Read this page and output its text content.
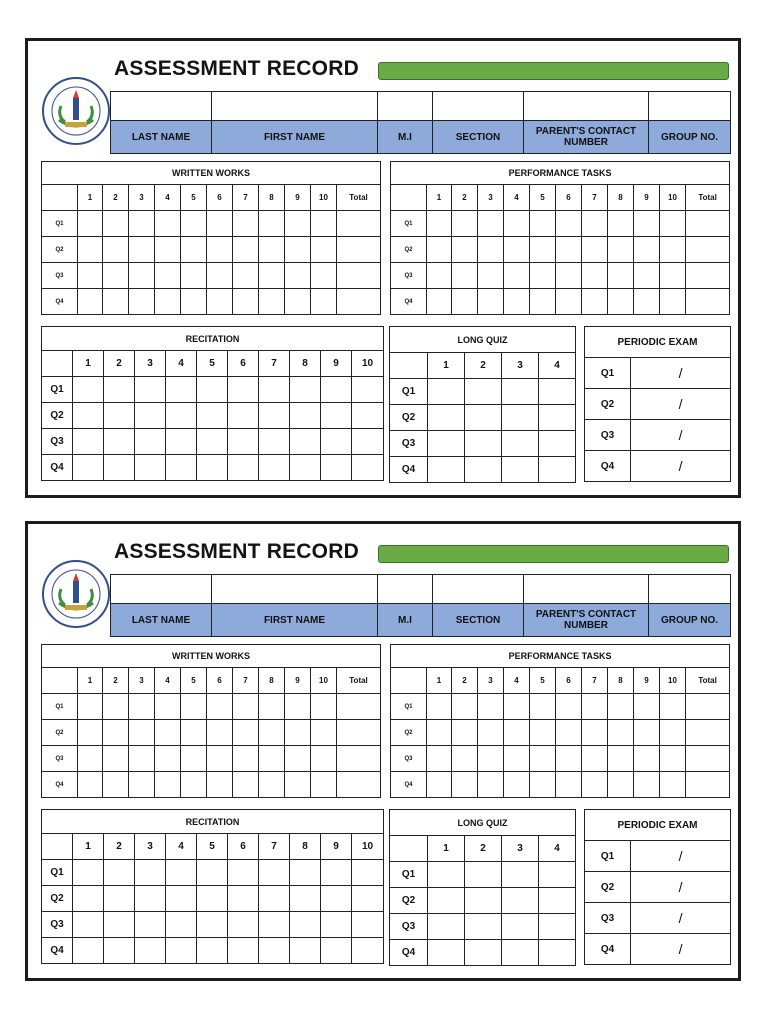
ASSESSMENT RECORD

LAST NAME	FIRST NAME	M.I	SECTION	PARENT'S CONTACT NUMBER	GROUP NO.
WRITTEN WORKS											
	1	2	3	4	5	6	7	8	9	10	Total
Q1											
Q2											
Q3											
Q4											
PERFORMANCE TASKS											
	1	2	3	4	5	6	7	8	9	10	Total
Q1											
Q2											
Q3											
Q4											
RECITATION										
	1	2	3	4	5	6	7	8	9	10
Q1										
Q2										
Q3										
Q4										
LONG QUIZ				
	1	2	3	4
Q1				
Q2				
Q3				
Q4				
PERIODIC EXAM	
Q1	/
Q2	/
Q3	/
Q4	/
ASSESSMENT RECORD

LAST NAME	FIRST NAME	M.I	SECTION	PARENT'S CONTACT NUMBER	GROUP NO.
WRITTEN WORKS											
	1	2	3	4	5	6	7	8	9	10	Total
Q1											
Q2											
Q3											
Q4											
PERFORMANCE TASKS											
	1	2	3	4	5	6	7	8	9	10	Total
Q1											
Q2											
Q3											
Q4											
RECITATION										
	1	2	3	4	5	6	7	8	9	10
Q1										
Q2										
Q3										
Q4										
LONG QUIZ				
	1	2	3	4
Q1				
Q2				
Q3				
Q4				
PERIODIC EXAM	
Q1	/
Q2	/
Q3	/
Q4	/
